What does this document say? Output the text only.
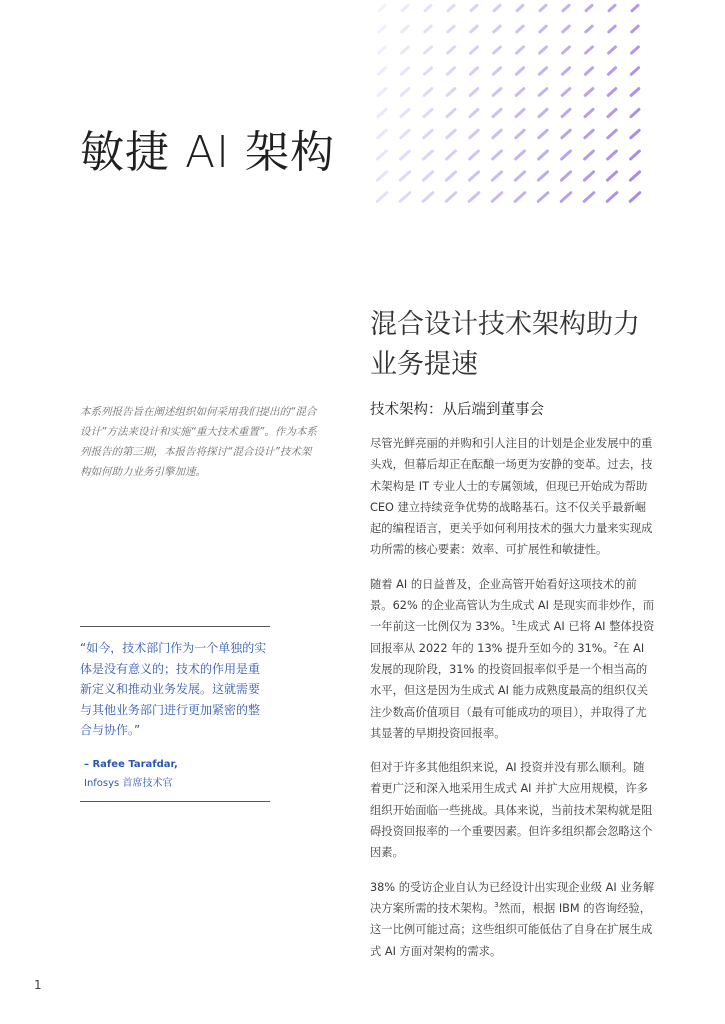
敏捷 AI 架构

本系列报告旨在阐述组织如何采用我们提出的“混合设计”方法来设计和实施“重大技术重置”。作为本系列报告的第三期，本报告将探讨“混合设计”技术架构如何助力业务引擎加速。

“如今，技术部门作为一个单独的实体是没有意义的；技术的作用是重新定义和推动业务发展。这就需要与其他业务部门进行更加紧密的整合与协作。”

– Rafee Tarafdar,
Infosys 首席技术官
混合设计技术架构助力业务提速
技术架构：从后端到董事会

尽管光鲜亮丽的并购和引人注目的计划是企业发展中的重头戏，但幕后却正在酝酿一场更为安静的变革。过去，技术架构是 IT 专业人士的专属领域，但现已开始成为帮助 CEO 建立持续竞争优势的战略基石。这不仅关乎最新崛起的编程语言，更关乎如何利用技术的强大力量来实现成功所需的核心要素：效率、可扩展性和敏捷性。

随着 AI 的日益普及，企业高管开始看好这项技术的前景。62% 的企业高管认为生成式 AI 是现实而非炒作，而一年前这一比例仅为 33%。$^1$生成式 AI 已将 AI 整体投资回报率从 2022 年的 13% 提升至如今的 31%。$^2$在 AI 发展的现阶段，31% 的投资回报率似乎是一个相当高的水平，但这是因为生成式 AI 能力成熟度最高的组织仅关注少数高价值项目（最有可能成功的项目），并取得了尤其显著的早期投资回报率。

但对于许多其他组织来说，AI 投资并没有那么顺利。随着更广泛和深入地采用生成式 AI 并扩大应用规模，许多组织开始面临一些挑战。具体来说，当前技术架构就是阻碍投资回报率的一个重要因素。但许多组织都会忽略这个因素。

38% 的受访企业自认为已经设计出实现企业级 AI 业务解决方案所需的技术架构。$^3$然而，根据 IBM 的咨询经验，这一比例可能过高；这些组织可能低估了自身在扩展生成式 AI 方面对架构的需求。

1
